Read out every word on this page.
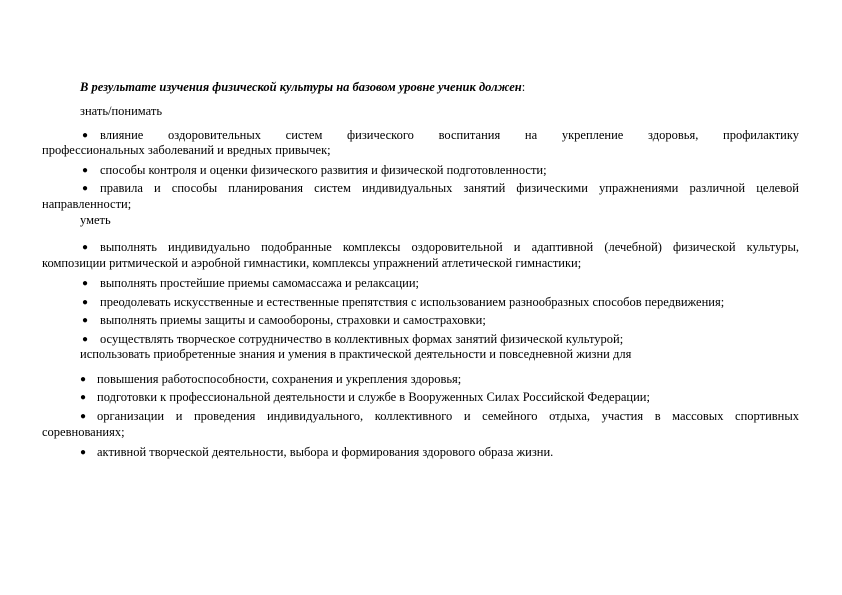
В результате изучения физической культуры на базовом уровне ученик должен:
знать/понимать
● влияние оздоровительных систем физического воспитания на укрепление здоровья, профилактику
профессиональных заболеваний и вредных привычек;
● способы контроля и оценки физического развития и физической подготовленности;
● правила и способы планирования систем индивидуальных занятий физическими упражнениями различной целевой
направленности;
уметь
● выполнять индивидуально подобранные комплексы оздоровительной и адаптивной (лечебной) физической культуры,
композиции ритмической и аэробной гимнастики, комплексы упражнений атлетической гимнастики;
● выполнять простейшие приемы самомассажа и релаксации;
● преодолевать искусственные и естественные препятствия с использованием разнообразных способов передвижения;
● выполнять приемы защиты и самообороны, страховки и самостраховки;
● осуществлять творческое сотрудничество в коллективных формах занятий физической культурой;
использовать приобретенные знания и умения в практической деятельности и повседневной жизни для
● повышения работоспособности, сохранения и укрепления здоровья;
● подготовки к профессиональной деятельности и службе в Вооруженных Силах Российской Федерации;
● организации и проведения индивидуального, коллективного и семейного отдыха, участия в массовых спортивных
соревнованиях;
● активной творческой деятельности, выбора и формирования здорового образа жизни.
